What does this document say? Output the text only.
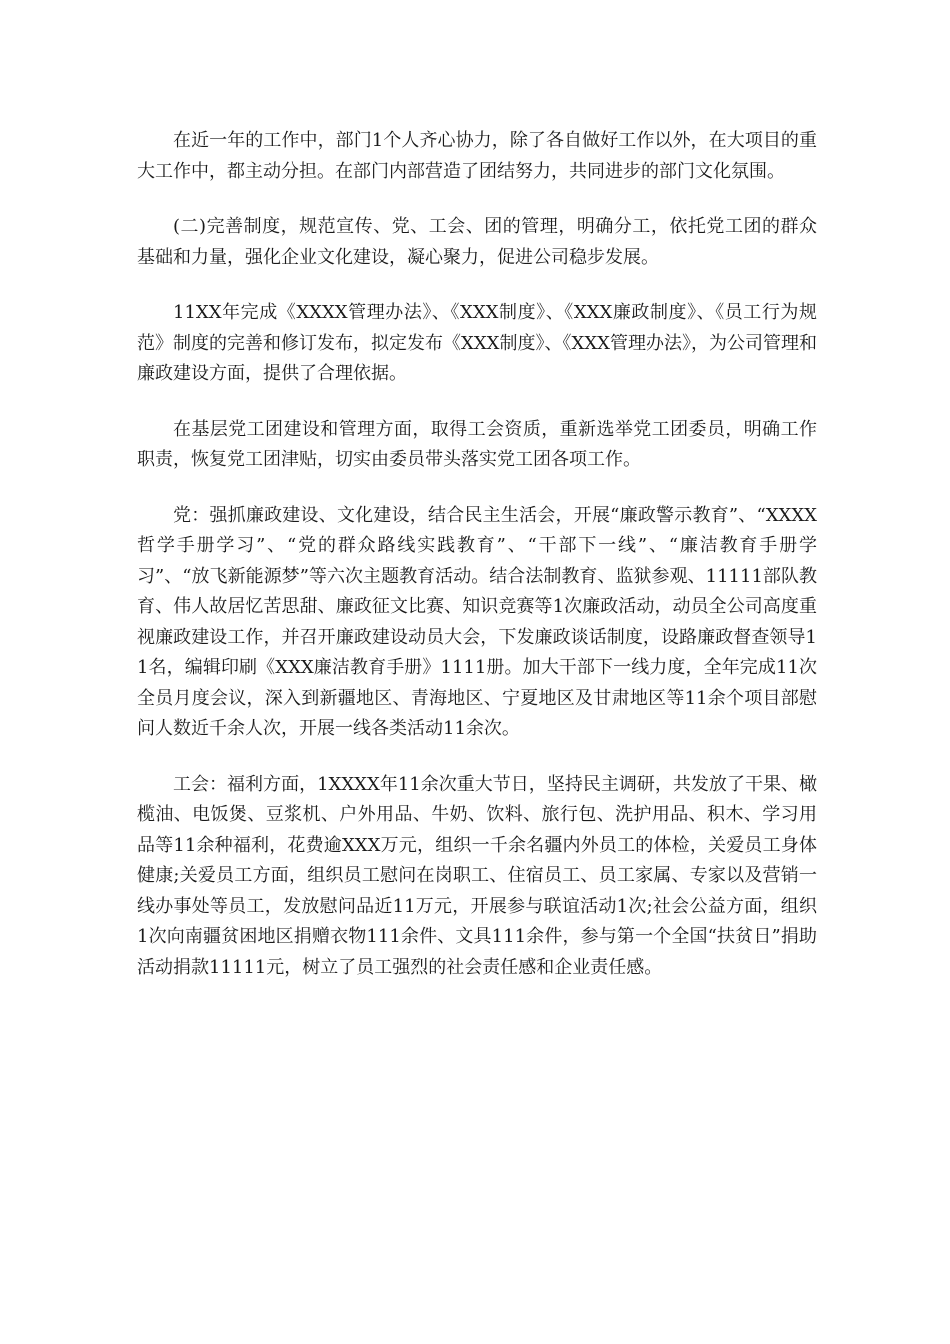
在近一年的工作中，部门1个人齐心协力，除了各自做好工作以外，在大项目的重大工作中，都主动分担。在部门内部营造了团结努力，共同进步的部门文化氛围。

(二)完善制度，规范宣传、党、工会、团的管理，明确分工，依托党工团的群众基础和力量，强化企业文化建设，凝心聚力，促进公司稳步发展。

11XX年完成《XXXX管理办法》、《XXX制度》、《XXX廉政制度》、《员工行为规范》制度的完善和修订发布，拟定发布《XXX制度》、《XXX管理办法》，为公司管理和廉政建设方面，提供了合理依据。

在基层党工团建设和管理方面，取得工会资质，重新选举党工团委员，明确工作职责，恢复党工团津贴，切实由委员带头落实党工团各项工作。

党：强抓廉政建设、文化建设，结合民主生活会，开展“廉政警示教育”、“XXXX哲学手册学习”、“党的群众路线实践教育”、“干部下一线”、“廉洁教育手册学习”、“放飞新能源梦”等六次主题教育活动。结合法制教育、监狱参观、11111部队教育、伟人故居忆苦思甜、廉政征文比赛、知识竞赛等1次廉政活动，动员全公司高度重视廉政建设工作，并召开廉政建设动员大会，下发廉政谈话制度，设路廉政督查领导11名，编辑印刷《XXX廉洁教育手册》1111册。加大干部下一线力度，全年完成11次全员月度会议，深入到新疆地区、青海地区、宁夏地区及甘肃地区等11余个项目部慰问人数近千余人次，开展一线各类活动11余次。

工会：福利方面，1XXXX年11余次重大节日，坚持民主调研，共发放了干果、橄榄油、电饭煲、豆浆机、户外用品、牛奶、饮料、旅行包、洗护用品、积木、学习用品等11余种福利，花费逾XXX万元，组织一千余名疆内外员工的体检，关爱员工身体健康;关爱员工方面，组织员工慰问在岗职工、住宿员工、员工家属、专家以及营销一线办事处等员工，发放慰问品近11万元，开展参与联谊活动1次;社会公益方面，组织1次向南疆贫困地区捐赠衣物111余件、文具111余件，参与第一个全国“扶贫日”捐助活动捐款11111元，树立了员工强烈的社会责任感和企业责任感。
